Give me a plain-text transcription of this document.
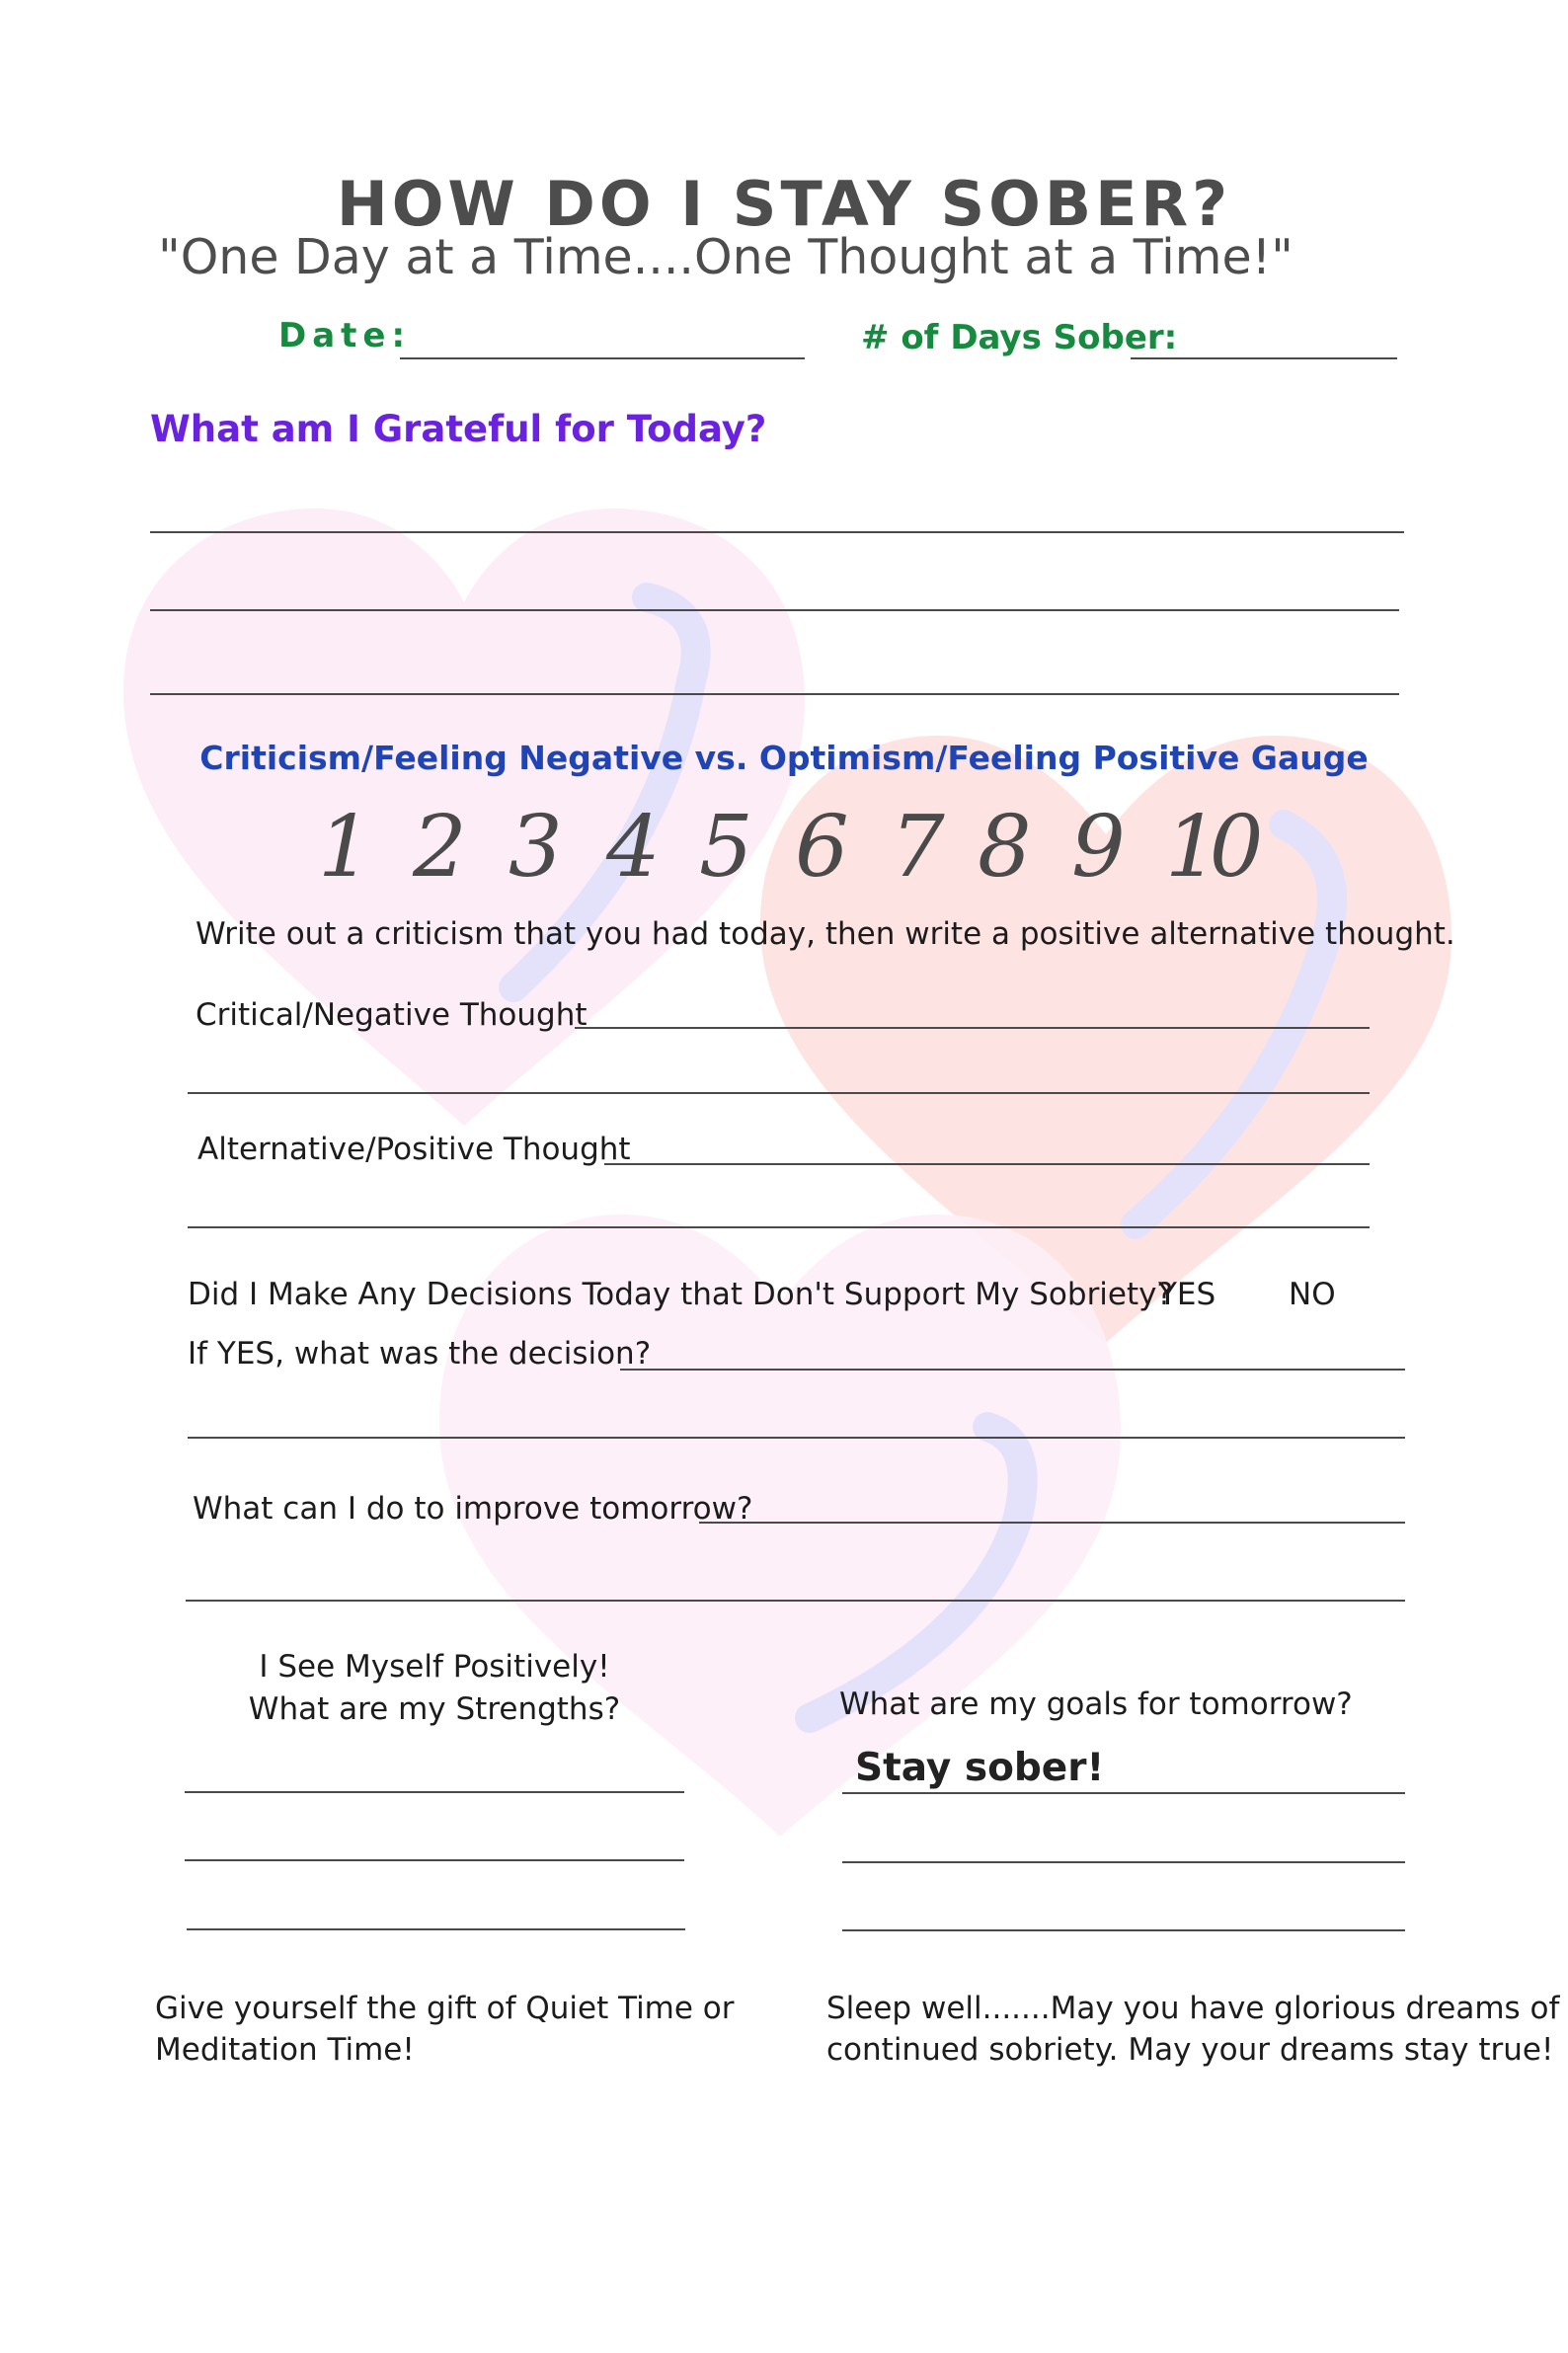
HOW DO I STAY SOBER?
"One Day at a Time....One Thought at a Time!"
Date:	# of Days Sober:
What am I Grateful for Today?
Criticism/Feeling Negative vs. Optimism/Feeling Positive Gauge
1 2 3 4 5 6 7 8 9 10
Write out a criticism that you had today, then write a positive alternative thought.
Critical/Negative Thought
Alternative/Positive Thought
Did I Make Any Decisions Today that Don't Support My Sobriety?
YES NO
If YES, what was the decision?
What can I do to improve tomorrow?
I See Myself Positively!
What are my Strengths?	What are my goals for tomorrow?
Stay sober!
Give yourself the gift of Quiet Time or
Meditation Time!
Sleep well.......May you have glorious dreams of
continued sobriety. May your dreams stay true!
